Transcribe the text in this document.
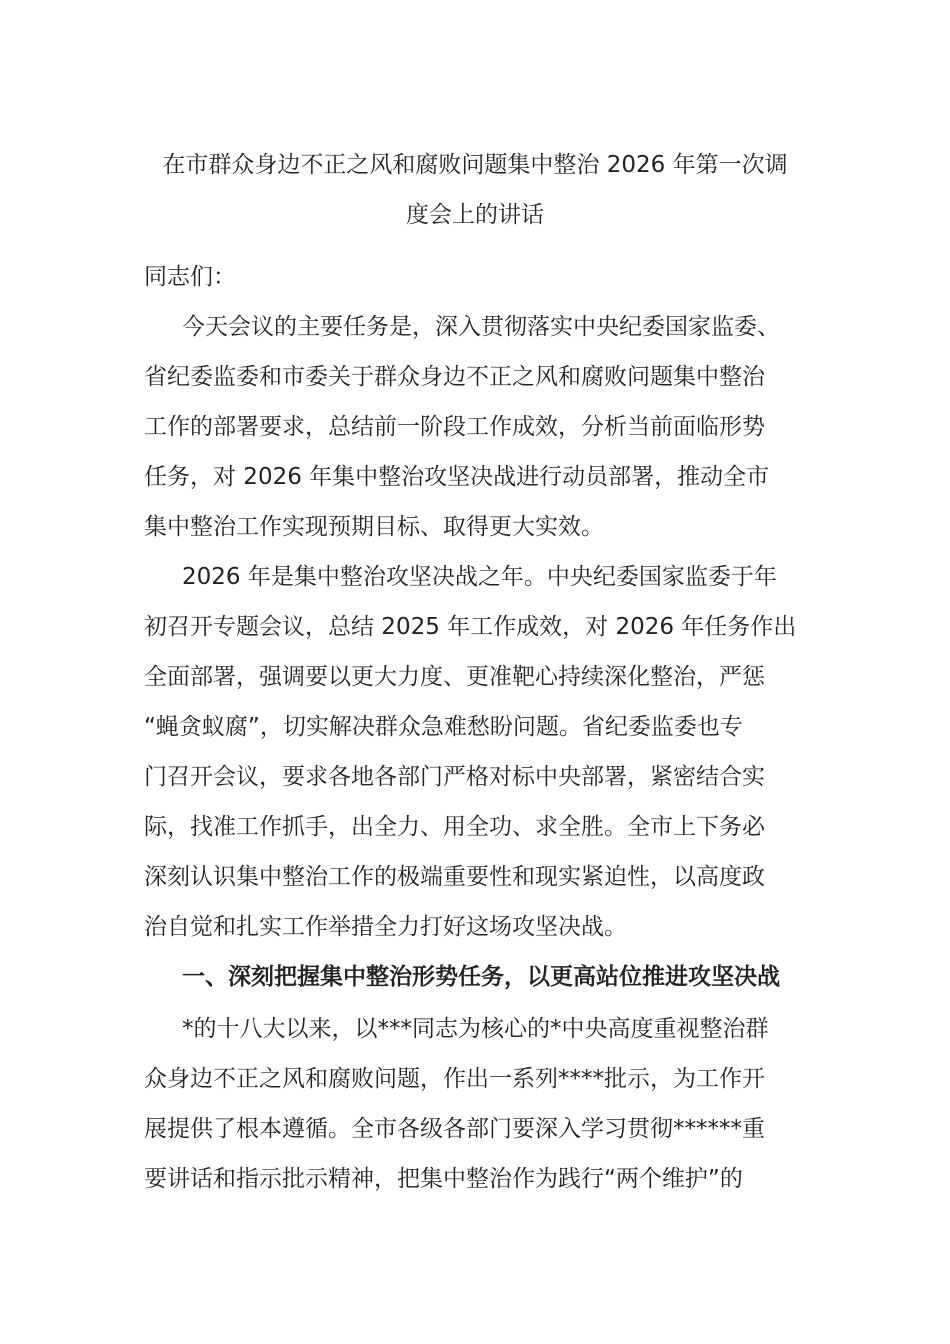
在市群众身边不正之风和腐败问题集中整治 2026 年第一次调
度会上的讲话
同志们：
今天会议的主要任务是，深入贯彻落实中央纪委国家监委、
省纪委监委和市委关于群众身边不正之风和腐败问题集中整治
工作的部署要求，总结前一阶段工作成效，分析当前面临形势
任务，对 2026 年集中整治攻坚决战进行动员部署，推动全市
集中整治工作实现预期目标、取得更大实效。
2026 年是集中整治攻坚决战之年。中央纪委国家监委于年
初召开专题会议，总结 2025 年工作成效，对 2026 年任务作出
全面部署，强调要以更大力度、更准靶心持续深化整治，严惩
“蝇贪蚁腐”，切实解决群众急难愁盼问题。省纪委监委也专
门召开会议，要求各地各部门严格对标中央部署，紧密结合实
际，找准工作抓手，出全力、用全功、求全胜。全市上下务必
深刻认识集中整治工作的极端重要性和现实紧迫性，以高度政
治自觉和扎实工作举措全力打好这场攻坚决战。
一、深刻把握集中整治形势任务，以更高站位推进攻坚决战
*的十八大以来，以***同志为核心的*中央高度重视整治群
众身边不正之风和腐败问题，作出一系列****批示，为工作开
展提供了根本遵循。全市各级各部门要深入学习贯彻******重
要讲话和指示批示精神，把集中整治作为践行“两个维护”的
